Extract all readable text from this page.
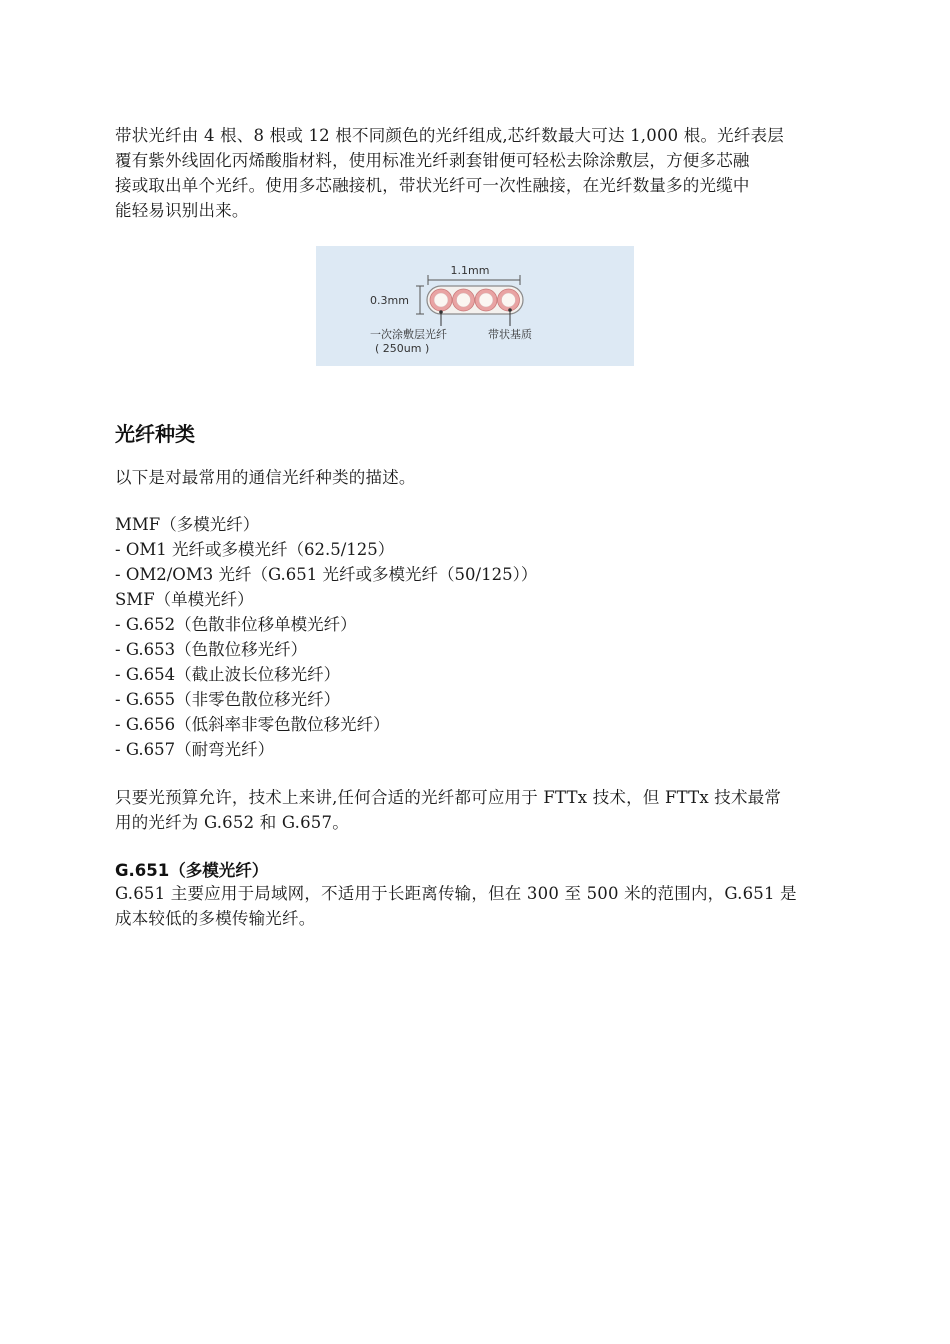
带状光纤由 4 根、8 根或 12 根不同颜色的光纤组成,芯纤数最大可达 1,000 根。光纤表层
覆有紫外线固化丙烯酸脂材料，使用标准光纤剥套钳便可轻松去除涂敷层，方便多芯融
接或取出单个光纤。使用多芯融接机，带状光纤可一次性融接，在光纤数量多的光缆中
能轻易识别出来。
1.1mm
0.3mm
一次涂敷层光纤
( 250um )
带状基质
光纤种类
以下是对最常用的通信光纤种类的描述。
MMF（多模光纤）
- OM1 光纤或多模光纤（62.5/125）
- OM2/OM3 光纤（G.651 光纤或多模光纤（50/125））
SMF（单模光纤）
- G.652（色散非位移单模光纤）
- G.653（色散位移光纤）
- G.654（截止波长位移光纤）
- G.655（非零色散位移光纤）
- G.656（低斜率非零色散位移光纤）
- G.657（耐弯光纤）
只要光预算允许，技术上来讲,任何合适的光纤都可应用于 FTTx 技术，但 FTTx 技术最常
用的光纤为 G.652 和 G.657。
G.651（多模光纤）
G.651 主要应用于局域网，不适用于长距离传输，但在 300 至 500 米的范围内，G.651 是
成本较低的多模传输光纤。
